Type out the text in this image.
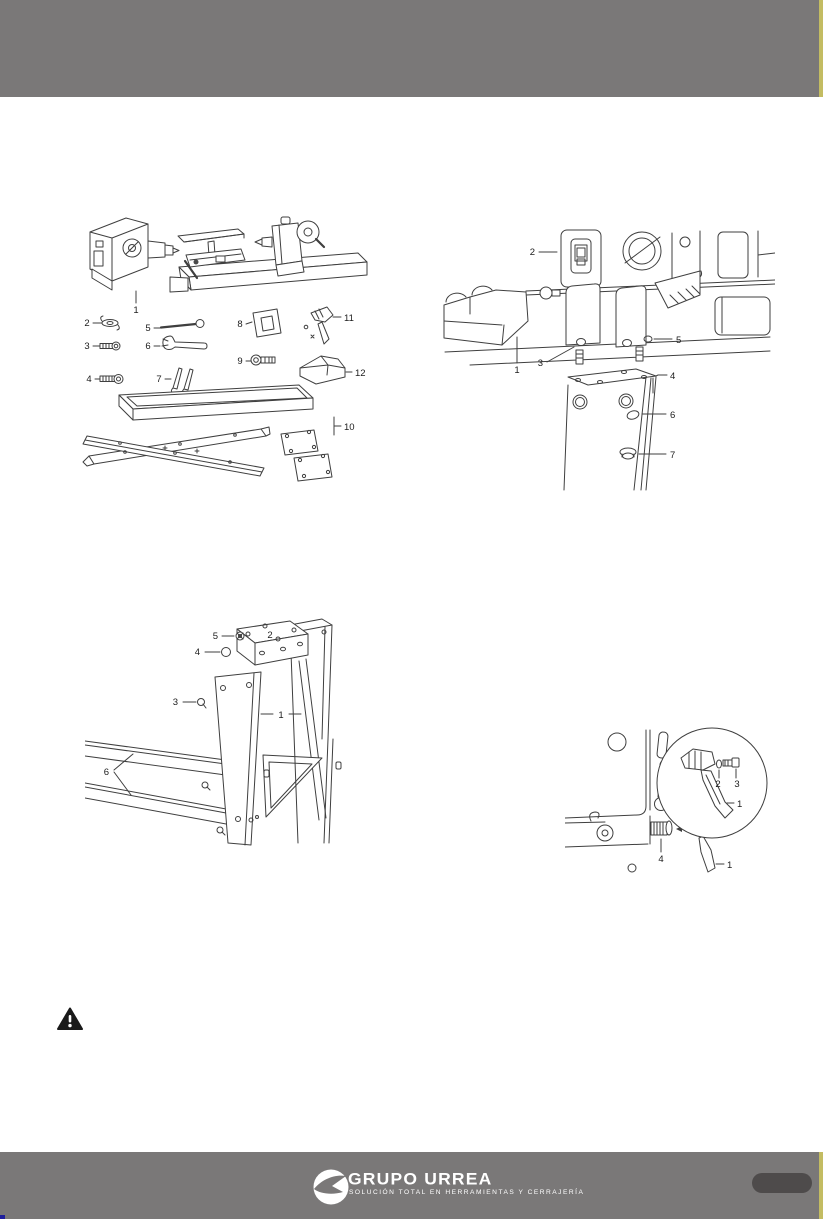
1
2
3
4
5
6
7
8
9
11
12
10
2
1
3
5
4
6
7
2
5
4
3
1
6
4
1
2 3
1
GRUPO URREA
SOLUCIÓN TOTAL EN HERRAMIENTAS Y CERRAJERÍA
